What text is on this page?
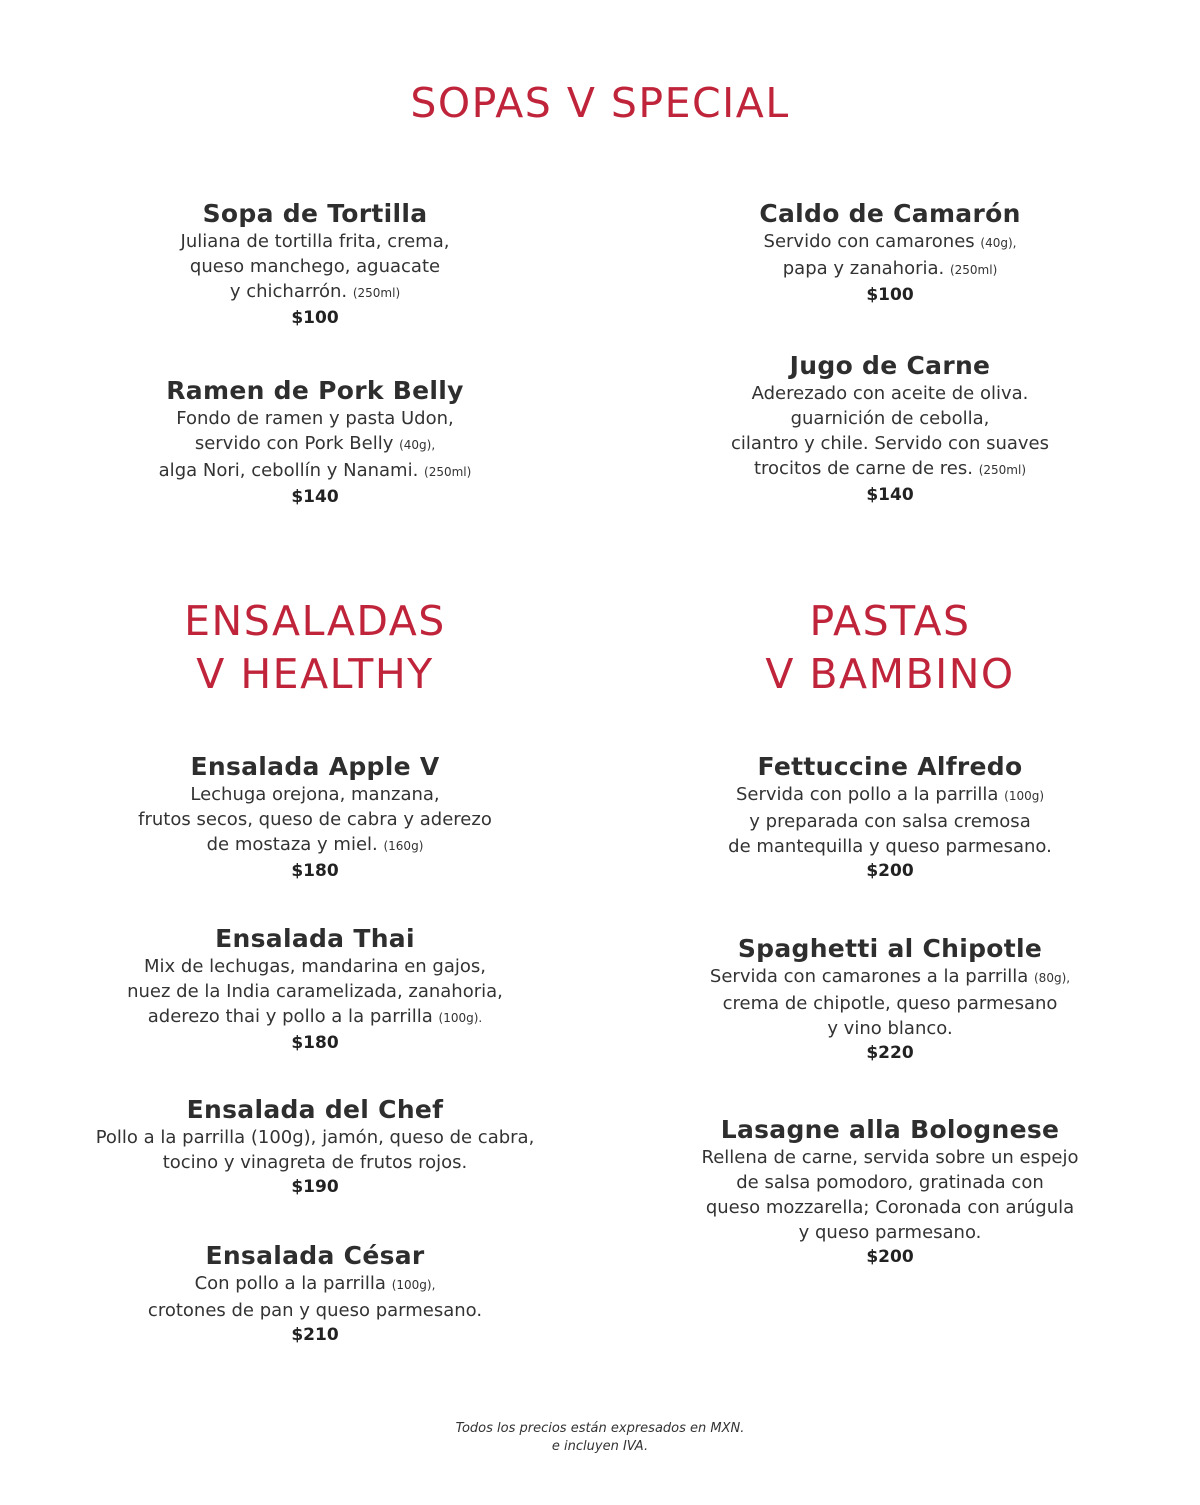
SOPAS V SPECIAL
Sopa de Tortilla
Juliana de tortilla frita, crema,
queso manchego, aguacate
y chicharrón. (250ml)
$100
Ramen de Pork Belly
Fondo de ramen y pasta Udon,
servido con Pork Belly (40g),
alga Nori, cebollín y Nanami. (250ml)
$140
Caldo de Camarón
Servido con camarones (40g),
papa y zanahoria. (250ml)
$100
Jugo de Carne
Aderezado con aceite de oliva.
guarnición de cebolla,
cilantro y chile. Servido con suaves
trocitos de carne de res. (250ml)
$140
ENSALADAS
V HEALTHY
PASTAS
V BAMBINO
Ensalada Apple V
Lechuga orejona, manzana,
frutos secos, queso de cabra y aderezo
de mostaza y miel. (160g)
$180
Ensalada Thai
Mix de lechugas, mandarina en gajos,
nuez de la India caramelizada, zanahoria,
aderezo thai y pollo a la parrilla (100g).
$180
Ensalada del Chef
Pollo a la parrilla (100g), jamón, queso de cabra,
tocino y vinagreta de frutos rojos.
$190
Ensalada César
Con pollo a la parrilla (100g),
crotones de pan y queso parmesano.
$210
Fettuccine Alfredo
Servida con pollo a la parrilla (100g)
y preparada con salsa cremosa
de mantequilla y queso parmesano.
$200
Spaghetti al Chipotle
Servida con camarones a la parrilla (80g),
crema de chipotle, queso parmesano
y vino blanco.
$220
Lasagne alla Bolognese
Rellena de carne, servida sobre un espejo
de salsa pomodoro, gratinada con
queso mozzarella; Coronada con arúgula
y queso parmesano.
$200
Todos los precios están expresados en MXN.
e incluyen IVA.
